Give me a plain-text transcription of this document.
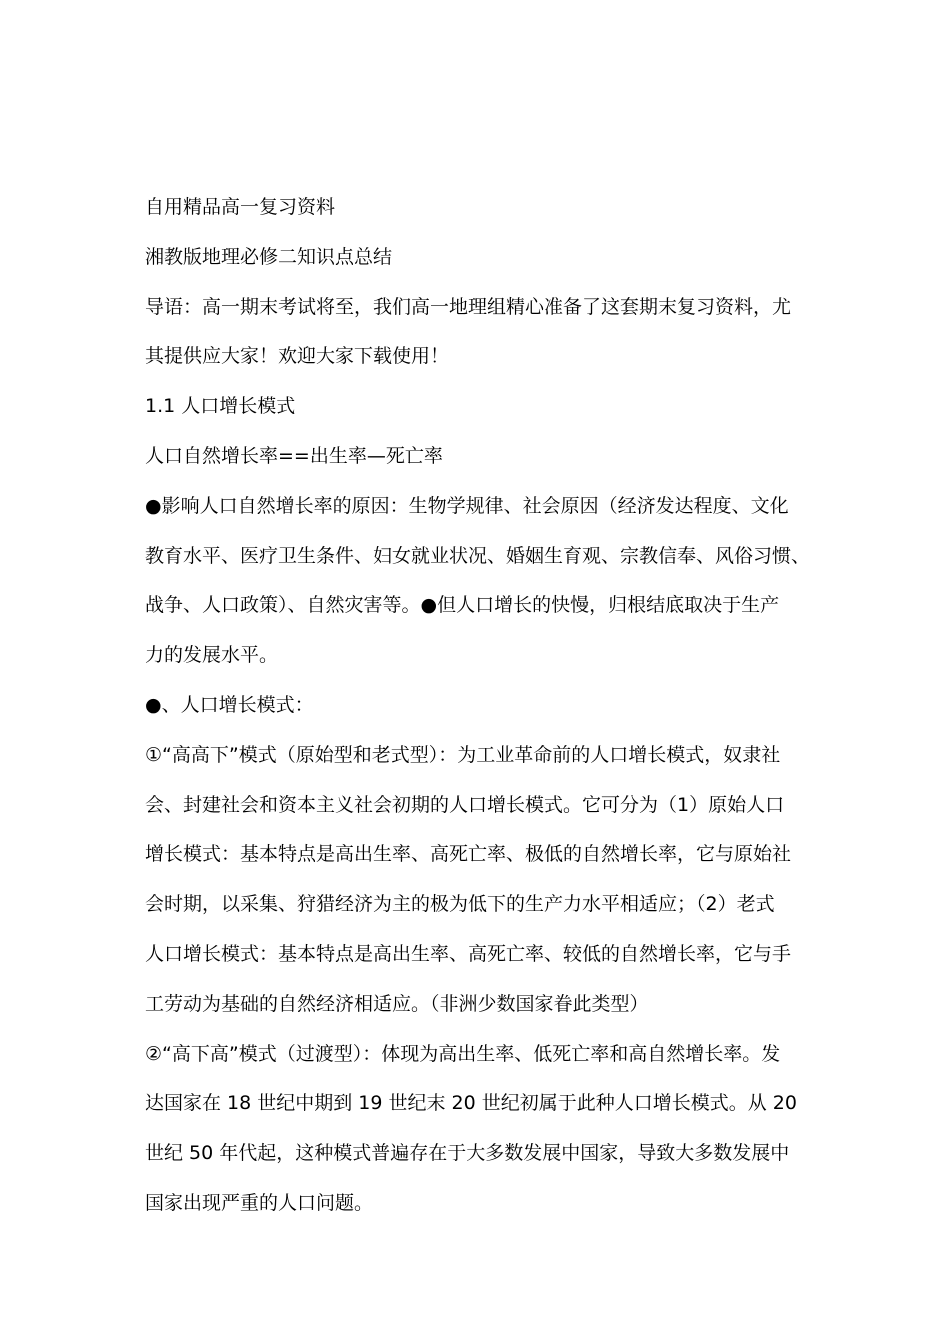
自用精品高一复习资料
湘教版地理必修二知识点总结
导语：高一期末考试将至，我们高一地理组精心准备了这套期末复习资料，尤
其提供应大家！欢迎大家下载使用！
1.1 人口增长模式
人口自然增长率==出生率—死亡率
●影响人口自然增长率的原因：生物学规律、社会原因（经济发达程度、文化
教育水平、医疗卫生条件、妇女就业状况、婚姻生育观、宗教信奉、风俗习惯、
战争、人口政策）、自然灾害等。●但人口增长的快慢，归根结底取决于生产
力的发展水平。
●、人口增长模式：
①“高高下”模式（原始型和老式型）：为工业革命前的人口增长模式，奴隶社
会、封建社会和资本主义社会初期的人口增长模式。它可分为（1）原始人口
增长模式：基本特点是高出生率、高死亡率、极低的自然增长率，它与原始社
会时期，以采集、狩猎经济为主的极为低下的生产力水平相适应；（2）老式
人口增长模式：基本特点是高出生率、高死亡率、较低的自然增长率，它与手
工劳动为基础的自然经济相适应。（非洲少数国家眷此类型）
②“高下高”模式（过渡型）：体现为高出生率、低死亡率和高自然增长率。发
达国家在 18 世纪中期到 19 世纪末 20 世纪初属于此种人口增长模式。从 20
世纪 50 年代起，这种模式普遍存在于大多数发展中国家，导致大多数发展中
国家出现严重的人口问题。
